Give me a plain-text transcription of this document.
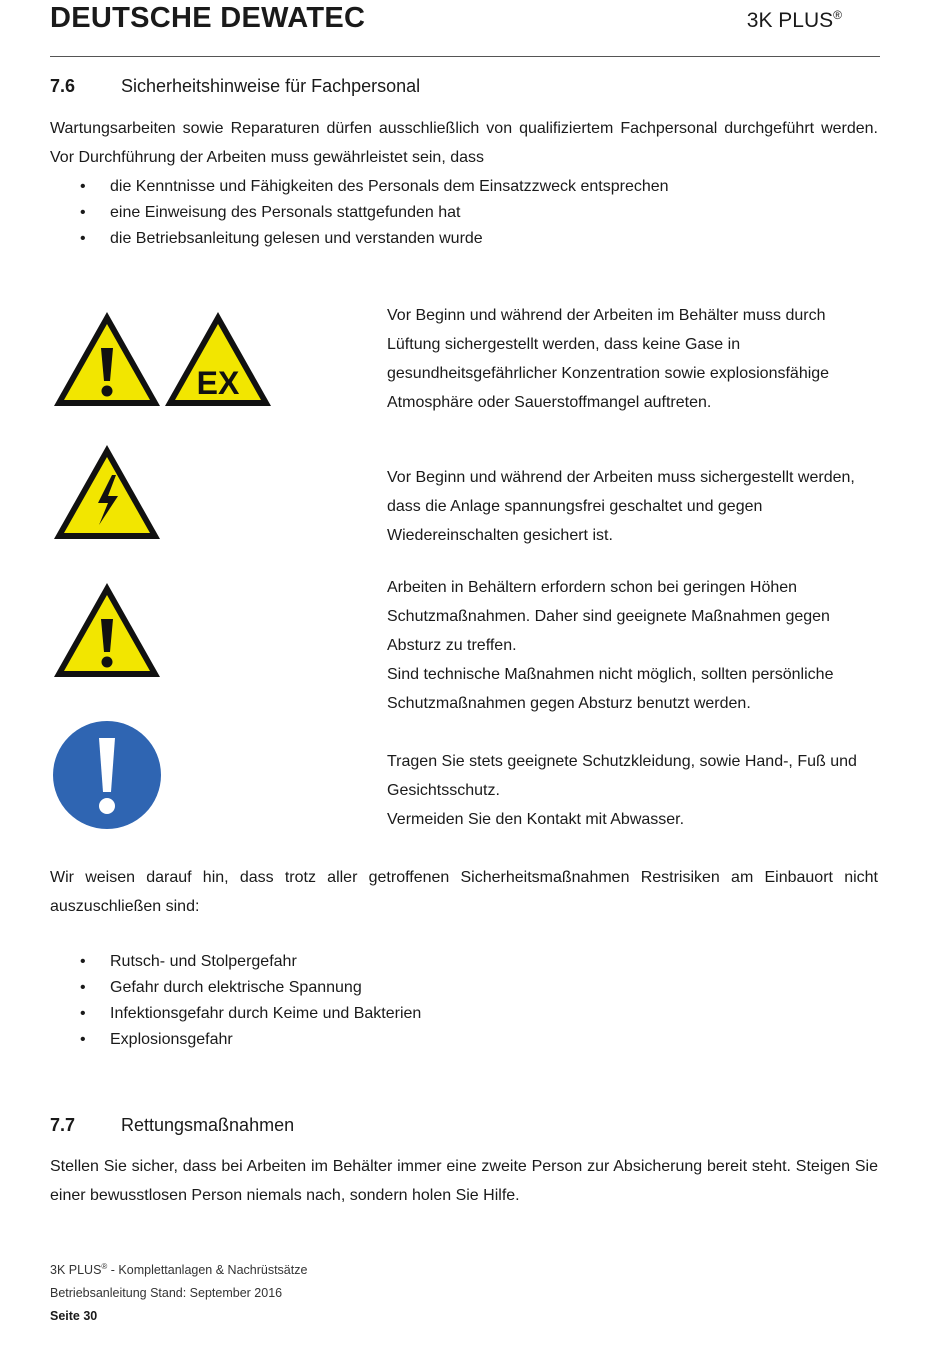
DEUTSCHE DEWATEC	3K PLUS®
7.6	Sicherheitshinweise für Fachpersonal
Wartungsarbeiten sowie Reparaturen dürfen ausschließlich von qualifiziertem Fachpersonal durchgeführt werden. Vor Durchführung der Arbeiten muss gewährleistet sein, dass
• die Kenntnisse und Fähigkeiten des Personals dem Einsatzzweck entsprechen
• eine Einweisung des Personals stattgefunden hat
• die Betriebsanleitung gelesen und verstanden wurde
EX

Vor Beginn und während der Arbeiten im Behälter muss durch Lüftung sichergestellt werden, dass keine Gase in gesundheitsgefährlicher Konzentration sowie explosionsfähige Atmosphäre oder Sauerstoffmangel auftreten.

Vor Beginn und während der Arbeiten muss sichergestellt werden, dass die Anlage spannungsfrei geschaltet und gegen Wiedereinschalten gesichert ist.

Arbeiten in Behältern erfordern schon bei geringen Höhen Schutzmaßnahmen. Daher sind geeignete Maßnahmen gegen Absturz zu treffen.

Sind technische Maßnahmen nicht möglich, sollten persönliche Schutzmaßnahmen gegen Absturz benutzt werden.

Tragen Sie stets geeignete Schutzkleidung, sowie Hand-, Fuß und Gesichtsschutz.

Vermeiden Sie den Kontakt mit Abwasser.

Wir weisen darauf hin, dass trotz aller getroffenen Sicherheitsmaßnahmen Restrisiken am Einbauort nicht auszuschließen sind:
• Rutsch- und Stolpergefahr
• Gefahr durch elektrische Spannung
• Infektionsgefahr durch Keime und Bakterien
• Explosionsgefahr
7.7	Rettungsmaßnahmen
Stellen Sie sicher, dass bei Arbeiten im Behälter immer eine zweite Person zur Absicherung bereit steht. Steigen Sie einer bewusstlosen Person niemals nach, sondern holen Sie Hilfe.
3K PLUS® - Komplettanlagen & Nachrüstsätze
Betriebsanleitung Stand: September 2016
Seite 30
